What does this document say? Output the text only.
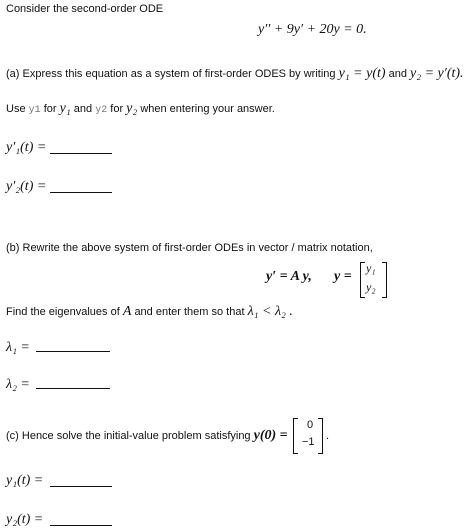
Consider the second-order ODE
y′′ + 9y′ + 20y = 0.
(a) Express this equation as a system of first-order ODES by writing y₁ = y(t) and y₂ = y′(t).
Use y1 for y₁ and y2 for y₂ when entering your answer.
y′₁(t) =
y′₂(t) =
(b) Rewrite the above system of first-order ODEs in vector / matrix notation,
y′ = A y, y =
y₁
y₂
Find the eigenvalues of A and enter them so that λ₁ < λ₂ .
λ₁ =
λ₂ =
(c) Hence solve the initial-value problem satisfying y(0) =
0
−1 .
y₁(t) =
y₂(t) =
